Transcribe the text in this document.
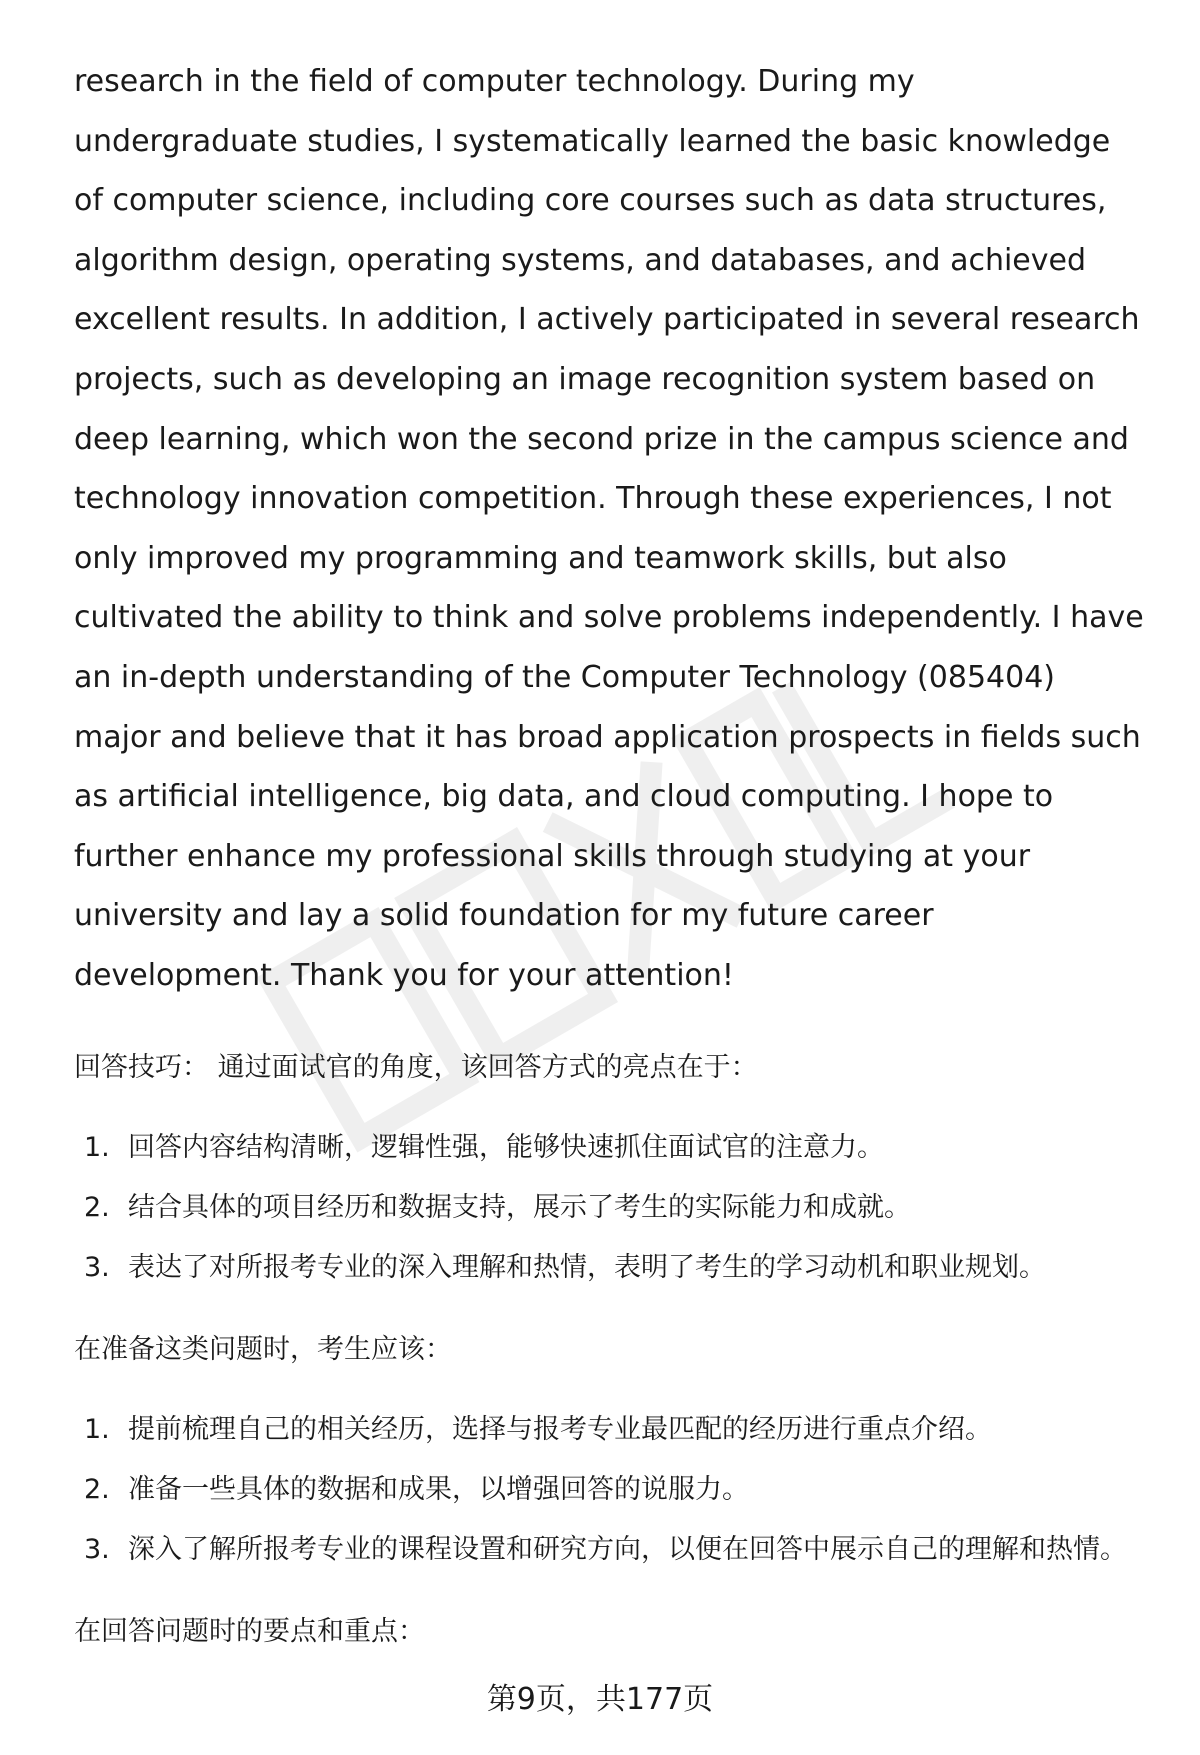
research in the field of computer technology. During my undergraduate studies, I systematically learned the basic knowledge of computer science, including core courses such as data structures, algorithm design, operating systems, and databases, and achieved excellent results. In addition, I actively participated in several research projects, such as developing an image recognition system based on deep learning, which won the second prize in the campus science and technology innovation competition. Through these experiences, I not only improved my programming and teamwork skills, but also cultivated the ability to think and solve problems independently. I have an in-depth understanding of the Computer Technology (085404) major and believe that it has broad application prospects in fields such as artificial intelligence, big data, and cloud computing. I hope to further enhance my professional skills through studying at your university and lay a solid foundation for my future career development. Thank you for your attention!

回答技巧： 通过面试官的角度，该回答方式的亮点在于：

1. 回答内容结构清晰，逻辑性强，能够快速抓住面试官的注意力。
2. 结合具体的项目经历和数据支持，展示了考生的实际能力和成就。
3. 表达了对所报考专业的深入理解和热情，表明了考生的学习动机和职业规划。

在准备这类问题时，考生应该：

1. 提前梳理自己的相关经历，选择与报考专业最匹配的经历进行重点介绍。
2. 准备一些具体的数据和成果，以增强回答的说服力。
3. 深入了解所报考专业的课程设置和研究方向，以便在回答中展示自己的理解和热情。

在回答问题时的要点和重点：

第9页，共177页
